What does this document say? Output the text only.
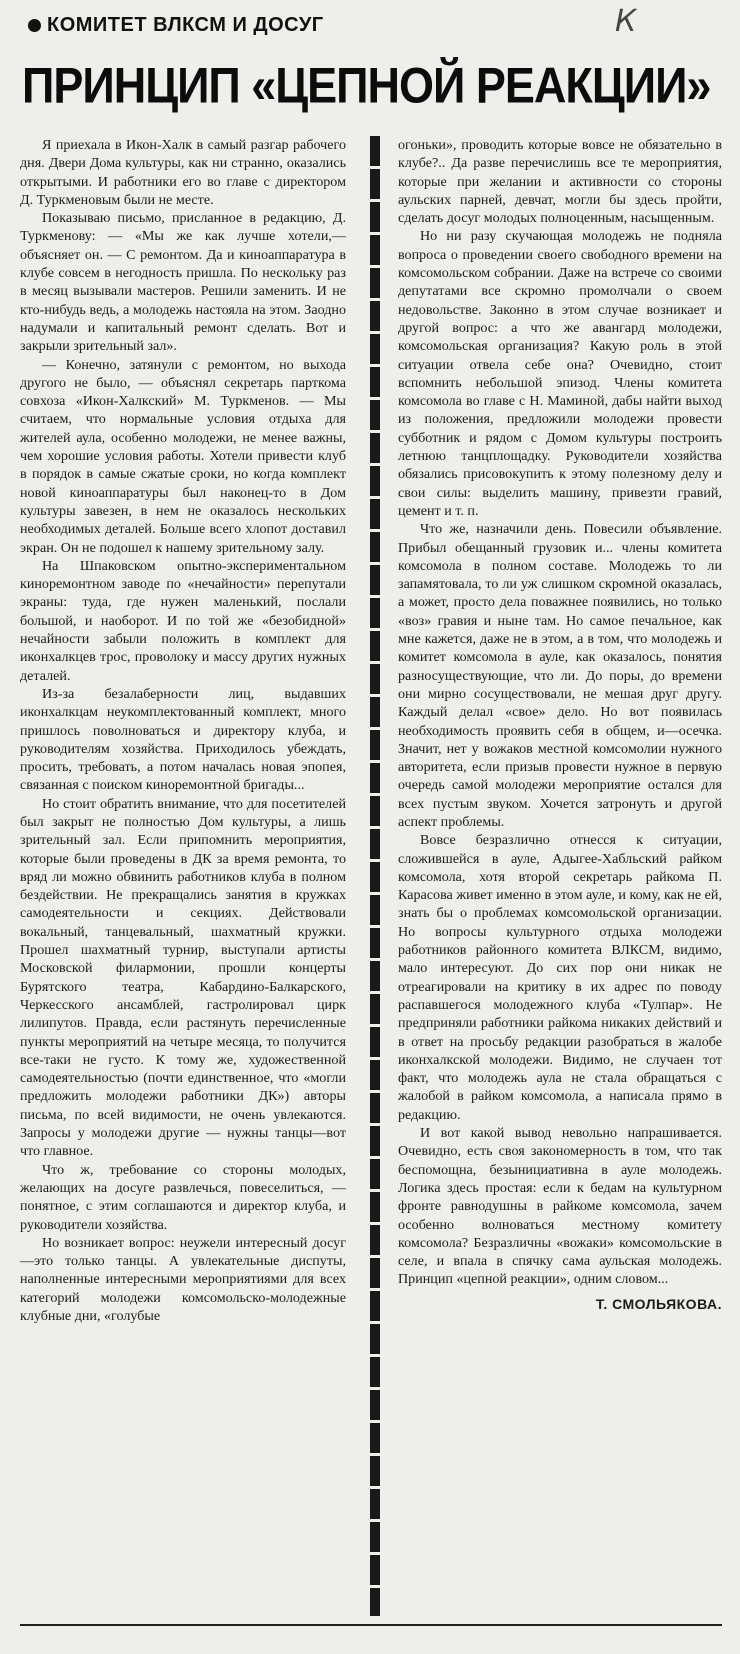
КОМИТЕТ ВЛКСМ И ДОСУГ	К
ПРИНЦИП «ЦЕПНОЙ РЕАКЦИИ»

Я приехала в Икон-Халк в самый разгар рабочего дня. Двери Дома культуры, как ни странно, оказались открытыми. И работники его во главе с директором Д. Туркменовым были не месте.

Показываю письмо, присланное в редакцию, Д. Туркменову: — «Мы же как лучше хотели,—объясняет он. — С ремонтом. Да и киноаппаратура в клубе совсем в негодность пришла. По нескольку раз в месяц вызывали мастеров. Решили заменить. И не кто-нибудь ведь, а молодежь настояла на этом. Заодно надумали и капитальный ремонт сделать. Вот и закрыли зрительный зал».

— Конечно, затянули с ремонтом, но выхода другого не было, — объяснял секретарь парткома совхоза «Икон-Халкский» М. Туркменов. — Мы считаем, что нормальные условия отдыха для жителей аула, особенно молодежи, не менее важны, чем хорошие условия работы. Хотели привести клуб в порядок в самые сжатые сроки, но когда комплект новой киноаппаратуры был наконец-то в Дом культуры завезен, в нем не оказалось нескольких необходимых деталей. Больше всего хлопот доставил экран. Он не подошел к нашему зрительному залу.

На Шпаковском опытно-экспериментальном киноремонтном заводе по «нечайности» перепутали экраны: туда, где нужен маленький, послали большой, и наоборот. И по той же «безобидной» нечайности забыли положить в комплект для иконхалкцев трос, проволоку и массу других нужных деталей.

Из-за безалаберности лиц, выдавших иконхалкцам неукомплектованный комплект, много пришлось поволноваться и директору клуба, и руководителям хозяйства. Приходилось убеждать, просить, требовать, а потом началась новая эпопея, связанная с поиском киноремонтной бригады...

Но стоит обратить внимание, что для посетителей был закрыт не полностью Дом культуры, а лишь зрительный зал. Если припомнить мероприятия, которые были проведены в ДК за время ремонта, то вряд ли можно обвинить работников клуба в полном бездействии. Не прекращались занятия в кружках самодеятельности и секциях. Действовали вокальный, танцевальный, шахматный кружки. Прошел шахматный турнир, выступали артисты Московской филармонии, прошли концерты Бурятского театра, Кабардино-Балкарского, Черкесского ансамблей, гастролировал цирк лилипутов. Правда, если растянуть перечисленные пункты мероприятий на четыре месяца, то получится все-таки не густо. К тому же, художественной самодеятельностью (почти единственное, что «могли предложить молодежи работники ДК») авторы письма, по всей видимости, не очень увлекаются. Запросы у молодежи другие — нужны танцы—вот что главное.

Что ж, требование со стороны молодых, желающих на досуге развлечься, повеселиться, — понятное, с этим соглашаются и директор клуба, и руководители хозяйства.

Но возникает вопрос: неужели интересный досуг—это только танцы. А увлекательные диспуты, наполненные интересными мероприятиями для всех категорий молодежи комсомольско-молодежные клубные дни, «голубые

огоньки», проводить которые вовсе не обязательно в клубе?.. Да разве перечислишь все те мероприятия, которые при желании и активности со стороны аульских парней, девчат, могли бы здесь пройти, сделать досуг молодых полноценным, насыщенным.

Но ни разу скучающая молодежь не подняла вопроса о проведении своего свободного времени на комсомольском собрании. Даже на встрече со своими депутатами все скромно промолчали о своем недовольстве. Законно в этом случае возникает и другой вопрос: а что же авангард молодежи, комсомольская организация? Какую роль в этой ситуации отвела себе она? Очевидно, стоит вспомнить небольшой эпизод. Члены комитета комсомола во главе с Н. Маминой, дабы найти выход из положения, предложили молодежи провести субботник и рядом с Домом культуры построить летнюю танцплощадку. Руководители хозяйства обязались присовокупить к этому полезному делу и свои силы: выделить машину, привезти гравий, цемент и т. п.

Что же, назначили день. Повесили объявление. Прибыл обещанный грузовик и... члены комитета комсомола в полном составе. Молодежь то ли запамятовала, то ли уж слишком скромной оказалась, а может, просто дела поважнее появились, но только «воз» гравия и ныне там. Но самое печальное, как мне кажется, даже не в этом, а в том, что молодежь и комитет комсомола в ауле, как оказалось, понятия разносуществующие, что ли. До поры, до времени они мирно сосуществовали, не мешая друг другу. Каждый делал «свое» дело. Но вот появилась необходимость проявить себя в общем, и—осечка. Значит, нет у вожаков местной комсомолии нужного авторитета, если призыв провести нужное в первую очередь самой молодежи мероприятие остался для всех пустым звуком. Хочется затронуть и другой аспект проблемы.

Вовсе безразлично отнесся к ситуации, сложившейся в ауле, Адыгее-Хабльский райком комсомола, хотя второй секретарь райкома П. Карасова живет именно в этом ауле, и кому, как не ей, знать бы о проблемах комсомольской организации. Но вопросы культурного отдыха молодежи работников районного комитета ВЛКСМ, видимо, мало интересуют. До сих пор они никак не отреагировали на критику в их адрес по поводу распавшегося молодежного клуба «Тулпар». Не предприняли работники райкома никаких действий и в ответ на просьбу редакции разобраться в жалобе иконхалкской молодежи. Видимо, не случаен тот факт, что молодежь аула не стала обращаться с жалобой в райком комсомола, а написала прямо в редакцию.

И вот какой вывод невольно напрашивается. Очевидно, есть своя закономерность в том, что так беспомощна, безынициативна в ауле молодежь. Логика здесь простая: если к бедам на культурном фронте равнодушны в райкоме комсомола, зачем особенно волноваться местному комитету комсомола? Безразличны «вожаки» комсомольские в селе, и впала в спячку сама аульская молодежь. Принцип «цепной реакции», одним словом...

Т. СМОЛЬЯКОВА.
